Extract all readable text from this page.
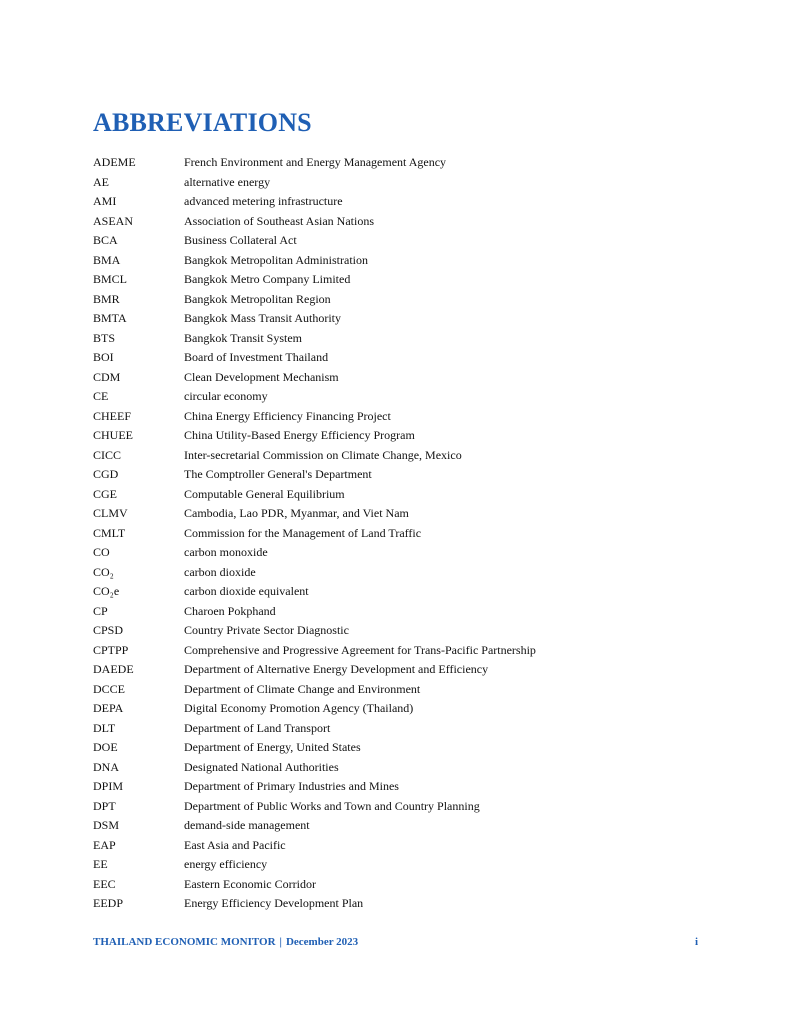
ABBREVIATIONS
ADEME	French Environment and Energy Management Agency
AE	alternative energy
AMI	advanced metering infrastructure
ASEAN	Association of Southeast Asian Nations
BCA	Business Collateral Act
BMA	Bangkok Metropolitan Administration
BMCL	Bangkok Metro Company Limited
BMR	Bangkok Metropolitan Region
BMTA	Bangkok Mass Transit Authority
BTS	Bangkok Transit System
BOI	Board of Investment Thailand
CDM	Clean Development Mechanism
CE	circular economy
CHEEF	China Energy Efficiency Financing Project
CHUEE	China Utility-Based Energy Efficiency Program
CICC	Inter-secretarial Commission on Climate Change, Mexico
CGD	The Comptroller General's Department
CGE	Computable General Equilibrium
CLMV	Cambodia, Lao PDR, Myanmar, and Viet Nam
CMLT	Commission for the Management of Land Traffic
CO	carbon monoxide
CO₂	carbon dioxide
CO₂e	carbon dioxide equivalent
CP	Charoen Pokphand
CPSD	Country Private Sector Diagnostic
CPTPP	Comprehensive and Progressive Agreement for Trans-Pacific Partnership
DAEDE	Department of Alternative Energy Development and Efficiency
DCCE	Department of Climate Change and Environment
DEPA	Digital Economy Promotion Agency (Thailand)
DLT	Department of Land Transport
DOE	Department of Energy, United States
DNA	Designated National Authorities
DPIM	Department of Primary Industries and Mines
DPT	Department of Public Works and Town and Country Planning
DSM	demand-side management
EAP	East Asia and Pacific
EE	energy efficiency
EEC	Eastern Economic Corridor
EEDP	Energy Efficiency Development Plan
THAILAND ECONOMIC MONITOR | December 2023	i
